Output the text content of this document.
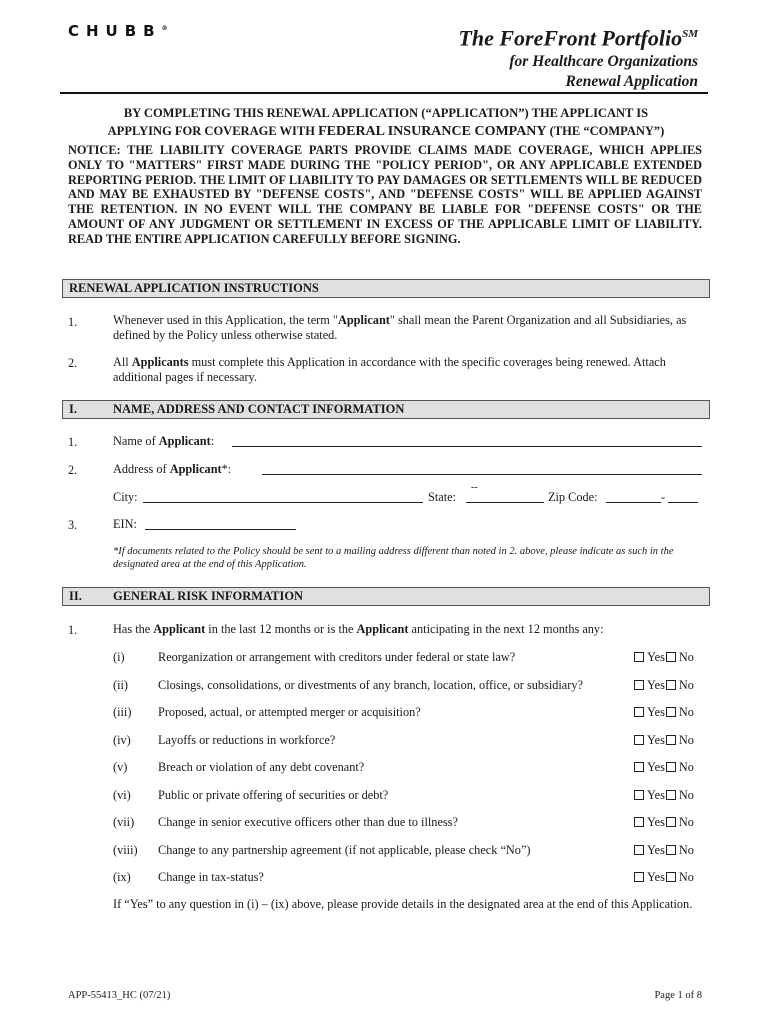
CHUBB®	The ForeFront Portfolio℠
for Healthcare Organizations
Renewal Application
BY COMPLETING THIS RENEWAL APPLICATION (“APPLICATION”) THE APPLICANT IS
APPLYING FOR COVERAGE WITH FEDERAL INSURANCE COMPANY (THE “COMPANY”)
NOTICE: THE LIABILITY COVERAGE PARTS PROVIDE CLAIMS MADE COVERAGE, WHICH APPLIES ONLY TO "MATTERS" FIRST MADE DURING THE "POLICY PERIOD", OR ANY APPLICABLE EXTENDED REPORTING PERIOD. THE LIMIT OF LIABILITY TO PAY DAMAGES OR SETTLEMENTS WILL BE REDUCED AND MAY BE EXHAUSTED BY "DEFENSE COSTS", AND "DEFENSE COSTS" WILL BE APPLIED AGAINST THE RETENTION. IN NO EVENT WILL THE COMPANY BE LIABLE FOR "DEFENSE COSTS" OR THE AMOUNT OF ANY JUDGMENT OR SETTLEMENT IN EXCESS OF THE APPLICABLE LIMIT OF LIABILITY. READ THE ENTIRE APPLICATION CAREFULLY BEFORE SIGNING.
RENEWAL APPLICATION INSTRUCTIONS
1.	Whenever used in this Application, the term "Applicant" shall mean the Parent Organization and all Subsidiaries, as defined by the Policy unless otherwise stated.
2.	All Applicants must complete this Application in accordance with the specific coverages being renewed. Attach additional pages if necessary.
I.	NAME, ADDRESS AND CONTACT INFORMATION
1.	Name of Applicant:
2.	Address of Applicant*:
City:	State:
--
Zip Code:	-
3.	EIN:
*If documents related to the Policy should be sent to a mailing address different than noted in 2. above, please indicate as such in the designated area at the end of this Application.
II. GENERAL RISK INFORMATION
1.	Has the Applicant in the last 12 months or is the Applicant anticipating in the next 12 months any:
(i)	Reorganization or arrangement with creditors under federal or state law?	Yes No
(ii) Closings, consolidations, or divestments of any branch, location, office, or subsidiary?	Yes No
(iii) Proposed, actual, or attempted merger or acquisition?	Yes No
(iv) Layoffs or reductions in workforce?	Yes No
(v) Breach or violation of any debt covenant?	Yes No
(vi) Public or private offering of securities or debt?	Yes No
(vii) Change in senior executive officers other than due to illness?	Yes No
(viii) Change to any partnership agreement (if not applicable, please check “No”)	Yes No
(ix) Change in tax-status?	Yes No
If “Yes” to any question in (i) – (ix) above, please provide details in the designated area at the end of this Application.
APP-55413_HC (07/21)	Page 1 of 8
